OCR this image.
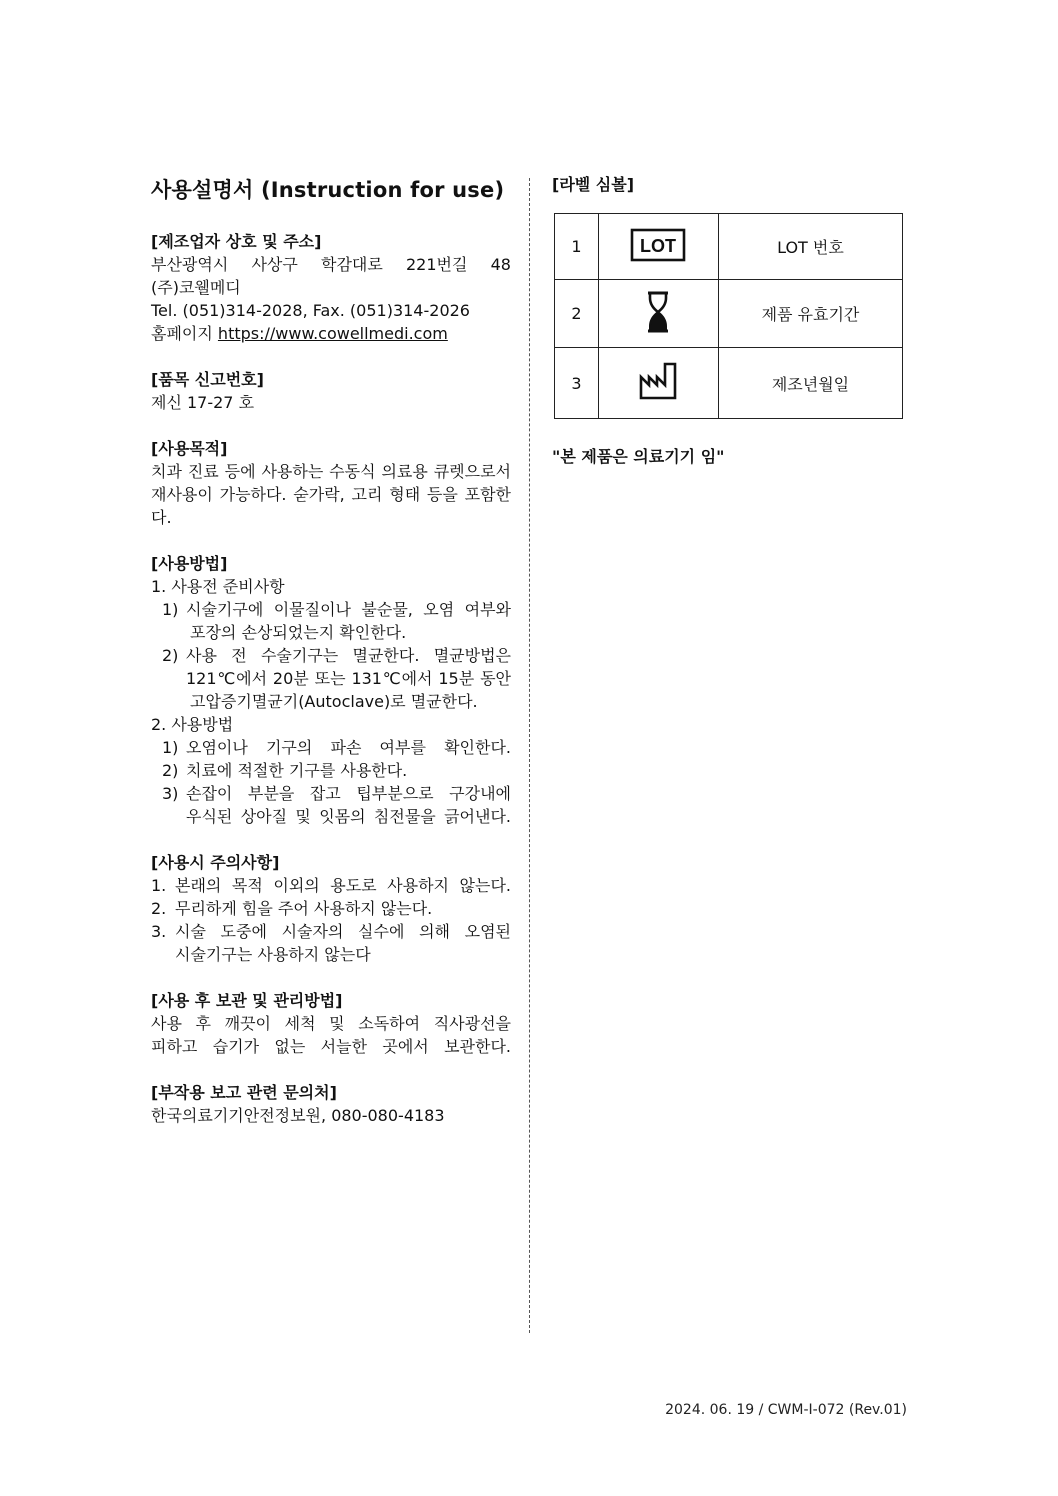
사용설명서 (Instruction for use)

[제조업자 상호 및 주소]

부산광역시 사상구 학감대로 221번길 48

(주)코웰메디

Tel. (051)314-2028, Fax. (051)314-2026

홈페이지 https://www.cowellmedi.com

[품목 신고번호]

제신 17-27 호

[사용목적]

치과 진료 등에 사용하는 수동식 의료용 큐렛으로서

재사용이 가능하다. 숟가락, 고리 형태 등을 포함한다.

[사용방법]

1. 사용전 준비사항

1) 시술기구에 이물질이나 불순물, 오염 여부와

포장의 손상되었는지 확인한다.

2) 사용 전 수술기구는 멸균한다. 멸균방법은

121℃에서 20분 또는 131℃에서 15분 동안

고압증기멸균기(Autoclave)로 멸균한다.

2. 사용방법

1) 오염이나 기구의 파손 여부를 확인한다.

2) 치료에 적절한 기구를 사용한다.

3) 손잡이 부분을 잡고 팁부분으로 구강내에

우식된 상아질 및 잇몸의 침전물을 긁어낸다.

[사용시 주의사항]

1. 본래의 목적 이외의 용도로 사용하지 않는다.

2. 무리하게 힘을 주어 사용하지 않는다.

3. 시술 도중에 시술자의 실수에 의해 오염된

시술기구는 사용하지 않는다

[사용 후 보관 및 관리방법]

사용 후 깨끗이 세척 및 소독하여 직사광선을

피하고 습기가 없는 서늘한 곳에서 보관한다.

[부작용 보고 관련 문의처]

한국의료기기안전정보원, 080-080-4183

[라벨 심볼]

1	LOT	LOT 번호
2		제품 유효기간
3		제조년월일
"본 제품은 의료기기 임"
2024. 06. 19 / CWM-I-072 (Rev.01)
